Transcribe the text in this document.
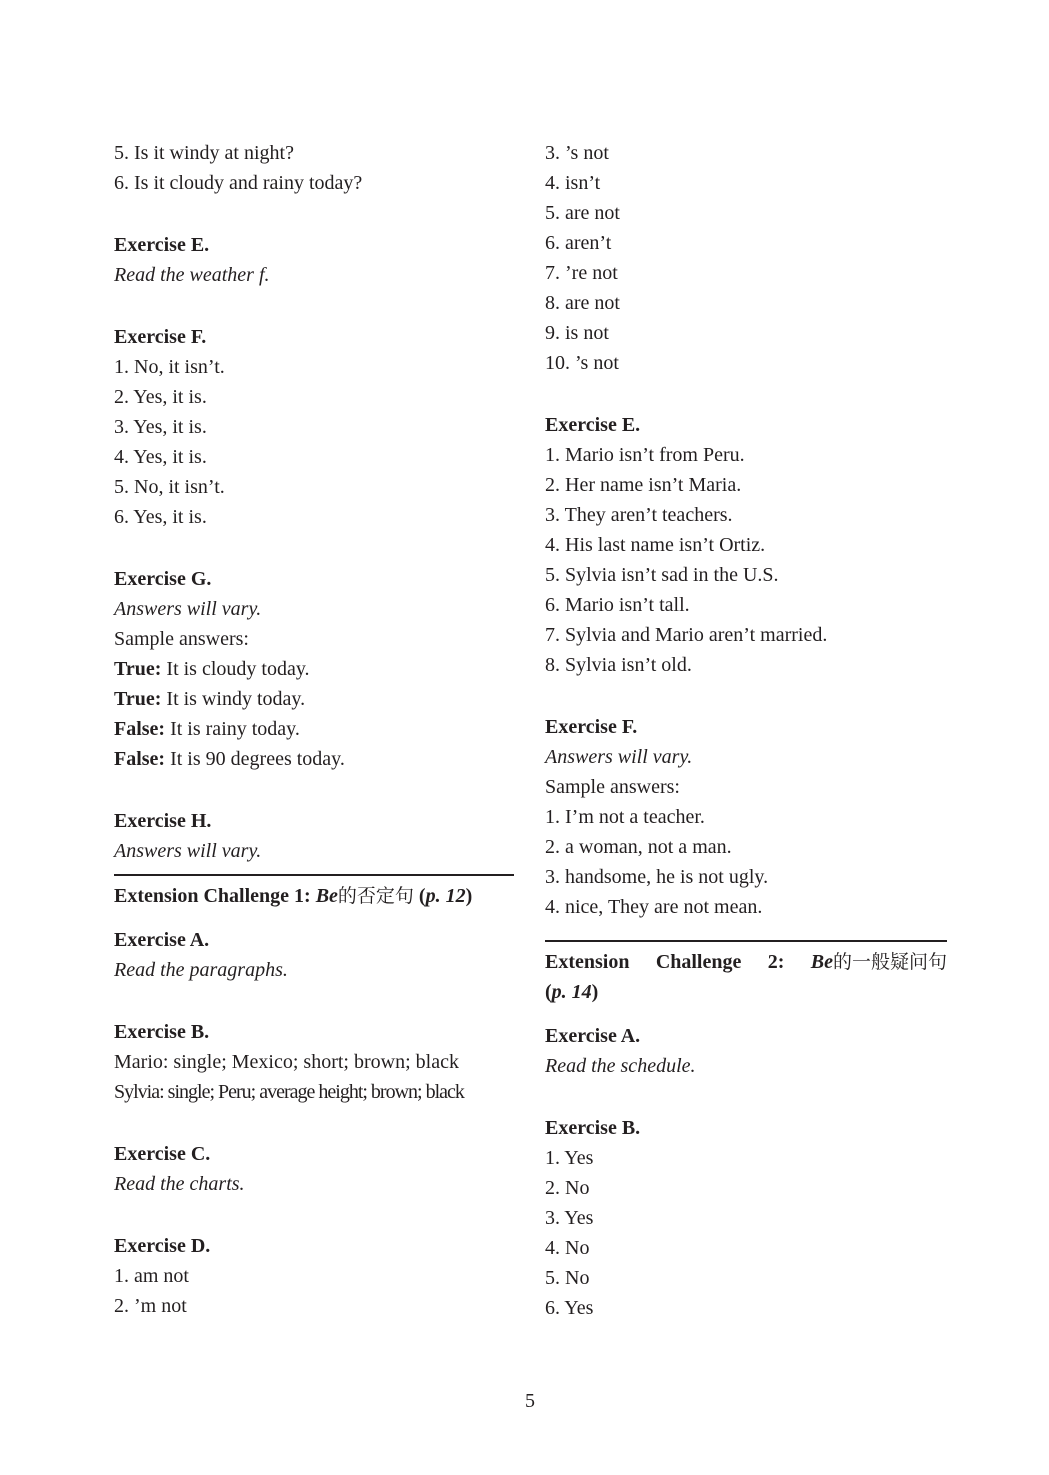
5. Is it windy at night?
6. Is it cloudy and rainy today?
Exercise E.
Read the weather f.
Exercise F.
1. No, it isn’t.
2. Yes, it is.
3. Yes, it is.
4. Yes, it is.
5. No, it isn’t.
6. Yes, it is.
Exercise G.
Answers will vary.
Sample answers:
True: It is cloudy today.
True: It is windy today.
False: It is rainy today.
False: It is 90 degrees today.
Exercise H.
Answers will vary.
Extension Challenge 1: Be的否定句 (p. 12)
Exercise A.
Read the paragraphs.
Exercise B.
Mario: single; Mexico; short; brown; black
Sylvia: single; Peru; average height; brown; black
Exercise C.
Read the charts.
Exercise D.
1. am not
2. ’m not
3. ’s not
4. isn’t
5. are not
6. aren’t
7. ’re not
8. are not
9. is not
10. ’s not
Exercise E.
1. Mario isn’t from Peru.
2. Her name isn’t Maria.
3. They aren’t teachers.
4. His last name isn’t Ortiz.
5. Sylvia isn’t sad in the U.S.
6. Mario isn’t tall.
7. Sylvia and Mario aren’t married.
8. Sylvia isn’t old.
Exercise F.
Answers will vary.
Sample answers:
1. I’m not a teacher.
2. a woman, not a man.
3. handsome, he is not ugly.
4. nice, They are not mean.
Extension Challenge 2: Be的一般疑问句
(p. 14)
Exercise A.
Read the schedule.
Exercise B.
1. Yes
2. No
3. Yes
4. No
5. No
6. Yes
5
